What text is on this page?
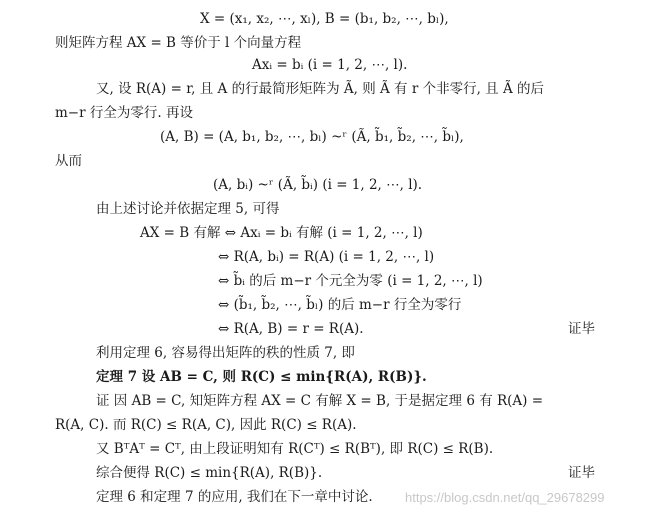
X = (x₁, x₂, ⋯, xₗ), B = (b₁, b₂, ⋯, bₗ),
则矩阵方程 AX = B 等价于 l 个向量方程
Axᵢ = bᵢ (i = 1, 2, ⋯, l).
又, 设 R(A) = r, 且 A 的行最简形矩阵为 Ã, 则 Ã 有 r 个非零行, 且 Ã 的后
m−r 行全为零行. 再设
(A, B) = (A, b₁, b₂, ⋯, bₗ) ~ʳ (Ã, b̃₁, b̃₂, ⋯, b̃ₗ),
从而
(A, bᵢ) ~ʳ (Ã, b̃ᵢ) (i = 1, 2, ⋯, l).
由上述讨论并依据定理 5, 可得
AX = B 有解 ⇔ Axᵢ = bᵢ 有解 (i = 1, 2, ⋯, l)
⇔ R(A, bᵢ) = R(A) (i = 1, 2, ⋯, l)
⇔ b̃ᵢ 的后 m−r 个元全为零 (i = 1, 2, ⋯, l)
⇔ (b̃₁, b̃₂, ⋯, b̃ₗ) 的后 m−r 行全为零行
⇔ R(A, B) = r = R(A).	证毕
利用定理 6, 容易得出矩阵的秩的性质 7, 即
定理 7 设 AB = C, 则 R(C) ≤ min{R(A), R(B)}.
证 因 AB = C, 知矩阵方程 AX = C 有解 X = B, 于是据定理 6 有 R(A) =
R(A, C). 而 R(C) ≤ R(A, C), 因此 R(C) ≤ R(A).
又 BᵀAᵀ = Cᵀ, 由上段证明知有 R(Cᵀ) ≤ R(Bᵀ), 即 R(C) ≤ R(B).
综合便得 R(C) ≤ min{R(A), R(B)}.	证毕
定理 6 和定理 7 的应用, 我们在下一章中讨论. https://blog.csdn.net/qq_29678299
